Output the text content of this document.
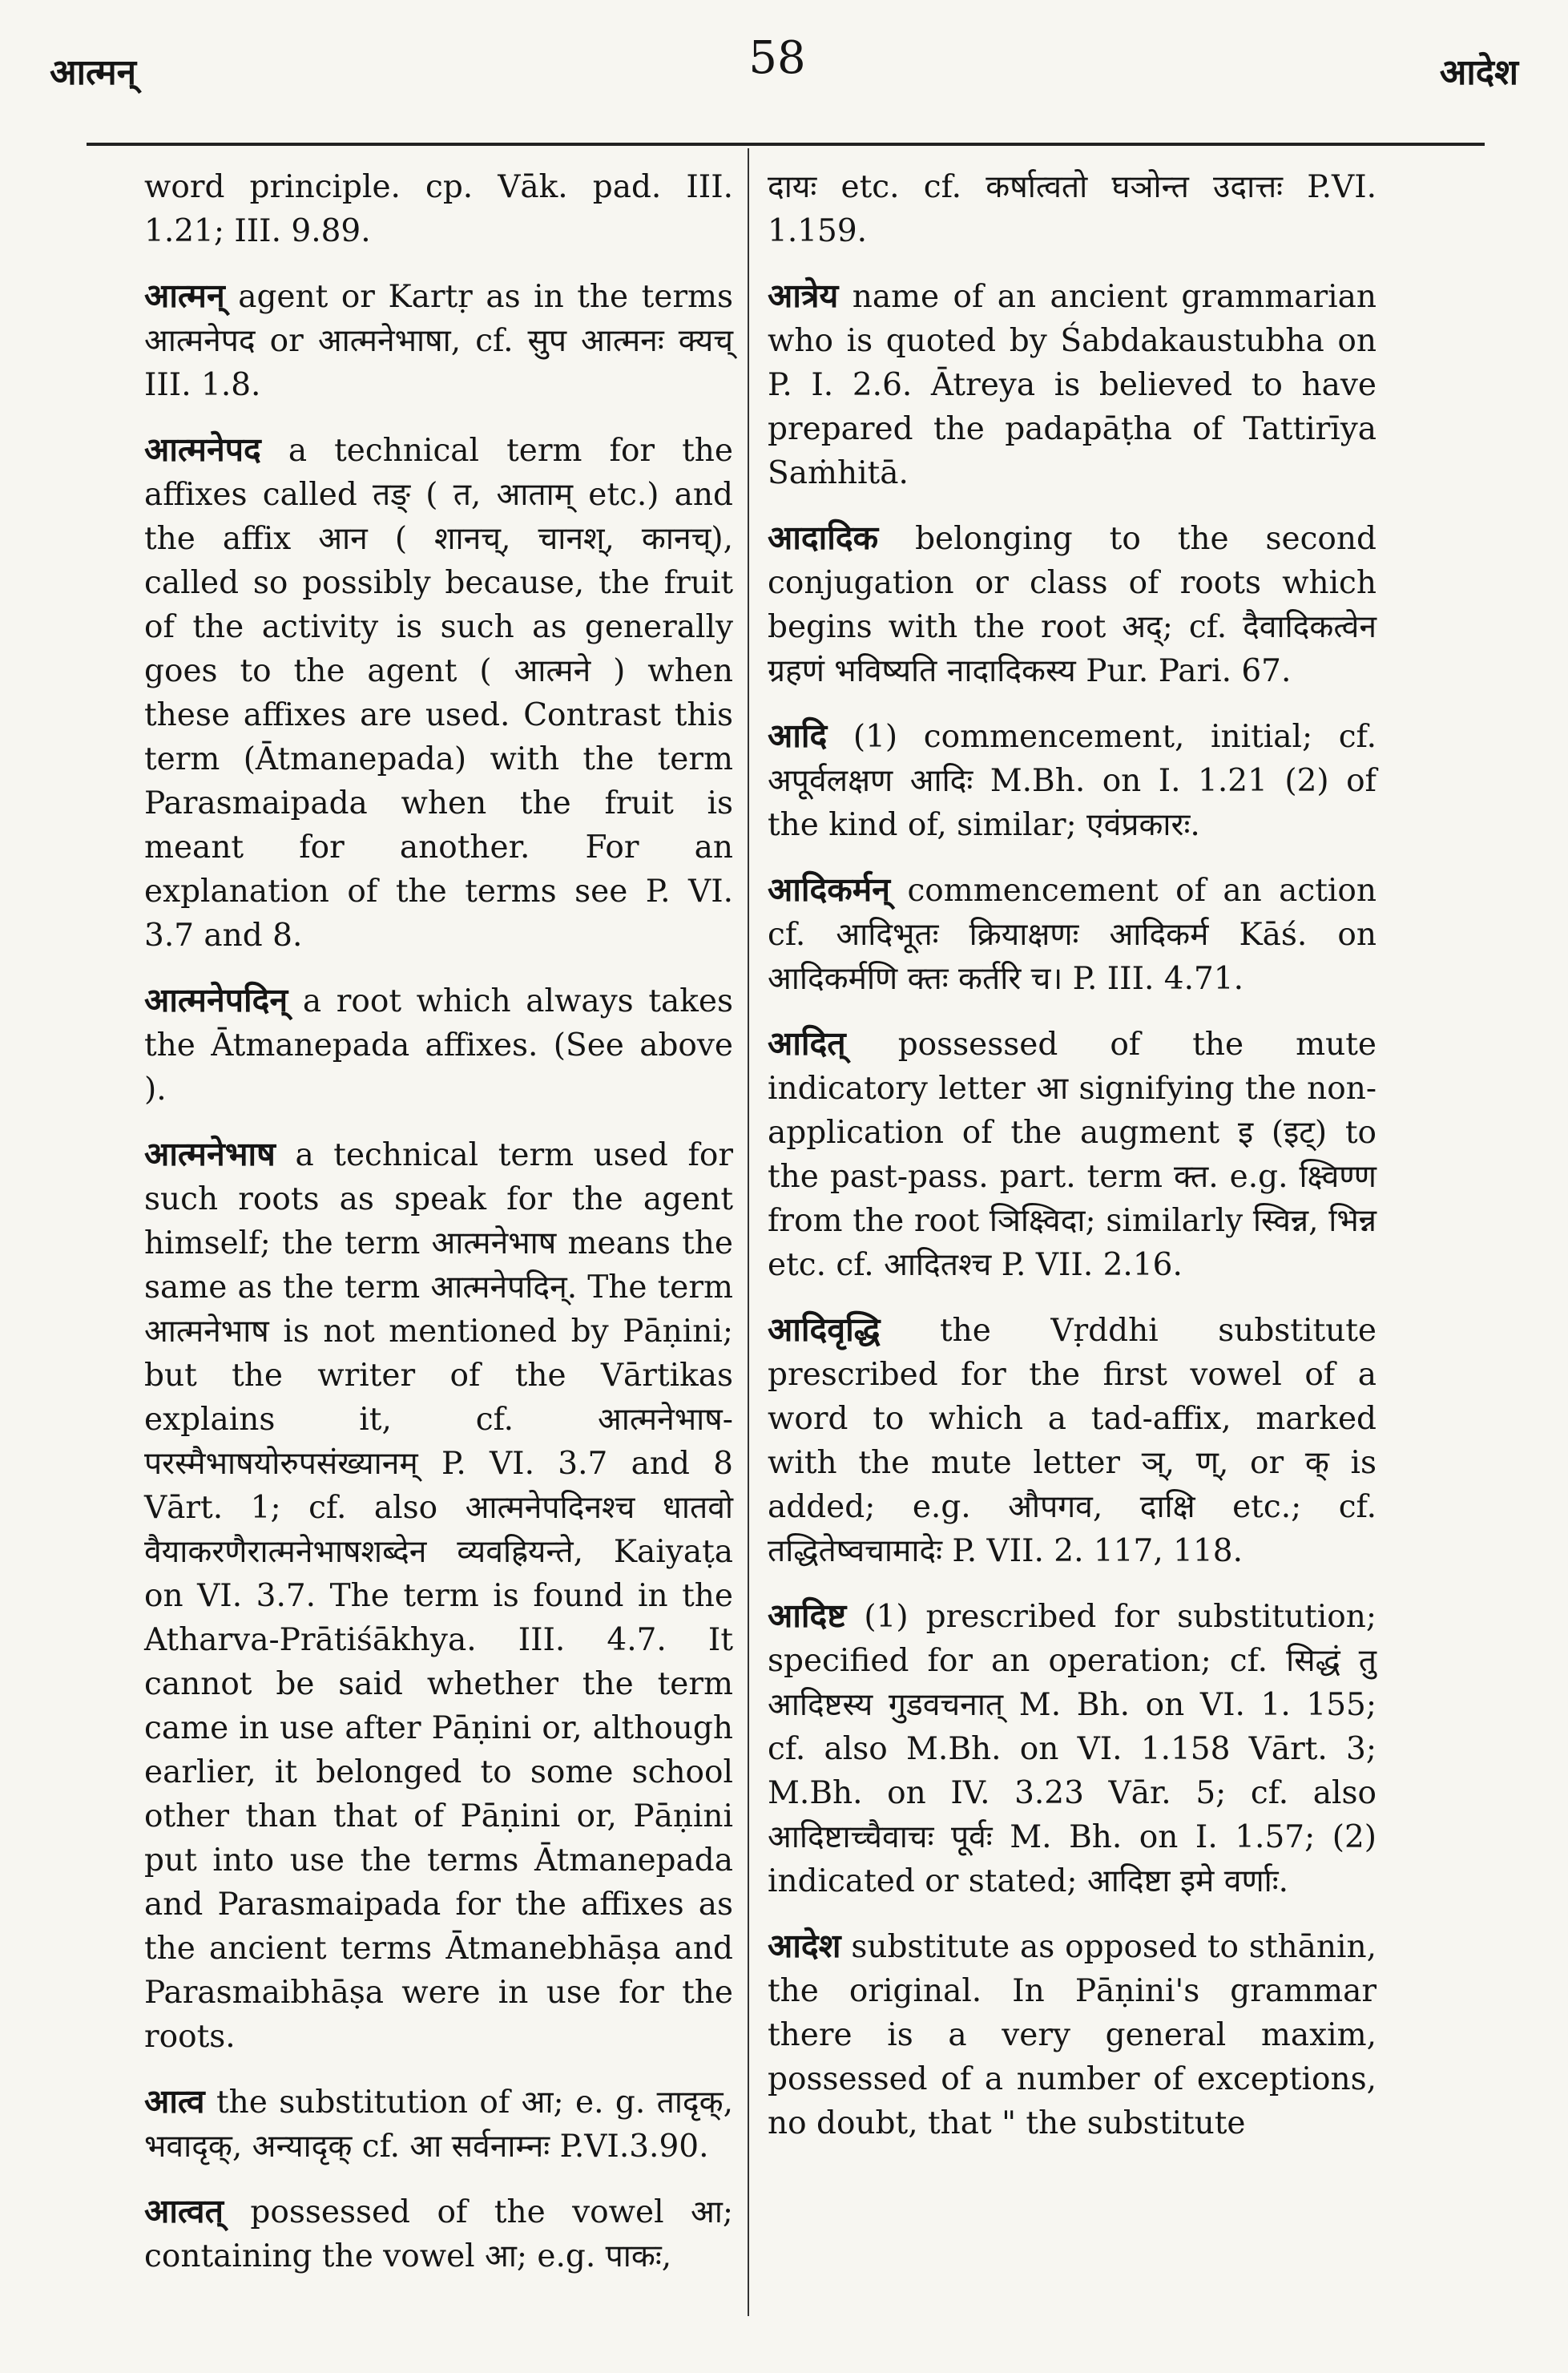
आत्मन्	58	आदेश

word principle. cp. Vāk. pad. III. 1.21; III. 9.89.

आत्मन् agent or Kartṛ as in the terms आत्मनेपद or आत्मनेभाषा, cf. सुप आत्मनः क्यच् III. 1.8.

आत्मनेपद a technical term for the affixes called तङ् ( त, आताम् etc.) and the affix आन ( शानच्, चानश्, कानच्), called so possibly because, the fruit of the activity is such as generally goes to the agent ( आत्मने ) when these affixes are used. Contrast this term (Ātmanepada) with the term Parasmaipada when the fruit is meant for another. For an explanation of the terms see P. VI. 3.7 and 8.

आत्मनेपदिन् a root which always takes the Ātmanepada affixes. (See above ).

आत्मनेभाष a technical term used for such roots as speak for the agent himself; the term आत्मनेभाष means the same as the term आत्मनेपदिन्. The term आत्मनेभाष is not mentioned by Pāṇini; but the writer of the Vārtikas explains it, cf. आत्मनेभाष-परस्मैभाषयोरुपसंख्यानम् P. VI. 3.7 and 8 Vārt. 1; cf. also आत्मनेपदिनश्च धातवो वैयाकरणैरात्मनेभाषशब्देन व्यवह्रियन्ते, Kaiyaṭa on VI. 3.7. The term is found in the Atharva-Prātiśākhya. III. 4.7. It cannot be said whether the term came in use after Pāṇini or, although earlier, it belonged to some school other than that of Pāṇini or, Pāṇini put into use the terms Ātmanepada and Parasmaipada for the affixes as the ancient terms Ātmanebhāṣa and Parasmaibhāṣa were in use for the roots.

आत्व the substitution of आ; e. g. तादृक्, भवादृक्, अन्यादृक् cf. आ सर्वनाम्नः P.VI.3.90.

आत्वत् possessed of the vowel आ; containing the vowel आ; e.g. पाकः,

दायः etc. cf. कर्षात्वतो घञोन्त उदात्तः P.VI. 1.159.

आत्रेय name of an ancient grammarian who is quoted by Śabdakaustubha on P. I. 2.6. Ātreya is believed to have prepared the padapāṭha of Tattirīya Saṁhitā.

आदादिक belonging to the second conjugation or class of roots which begins with the root अद्; cf. दैवादिकत्वेन ग्रहणं भविष्यति नादादिकस्य Pur. Pari. 67.

आदि (1) commencement, initial; cf. अपूर्वलक्षण आदिः M.Bh. on I. 1.21 (2) of the kind of, similar; एवंप्रकारः.

आदिकर्मन् commencement of an action cf. आदिभूतः क्रियाक्षणः आदिकर्म Kāś. on आदिकर्मणि क्तः कर्तरि च। P. III. 4.71.

आदित् possessed of the mute indicatory letter आ signifying the non-application of the augment इ (इट्) to the past-pass. part. term क्त. e.g. क्ष्विण्ण from the root ञिक्ष्विदा; similarly स्विन्न, भिन्न etc. cf. आदितश्च P. VII. 2.16.

आदिवृद्धि the Vṛddhi substitute prescribed for the first vowel of a word to which a tad-affix, marked with the mute letter ञ्, ण्, or क् is added; e.g. औपगव, दाक्षि etc.; cf. तद्धितेष्वचामादेः P. VII. 2. 117, 118.

आदिष्ट (1) prescribed for substitution; specified for an operation; cf. सिद्धं तु आदिष्टस्य गुडवचनात् M. Bh. on VI. 1. 155; cf. also M.Bh. on VI. 1.158 Vārt. 3; M.Bh. on IV. 3.23 Vār. 5; cf. also आदिष्टाच्चैवाचः पूर्वः M. Bh. on I. 1.57; (2) indicated or stated; आदिष्टा इमे वर्णाः.

आदेश substitute as opposed to sthānin, the original. In Pāṇini's grammar there is a very general maxim, possessed of a number of exceptions, no doubt, that " the substitute
